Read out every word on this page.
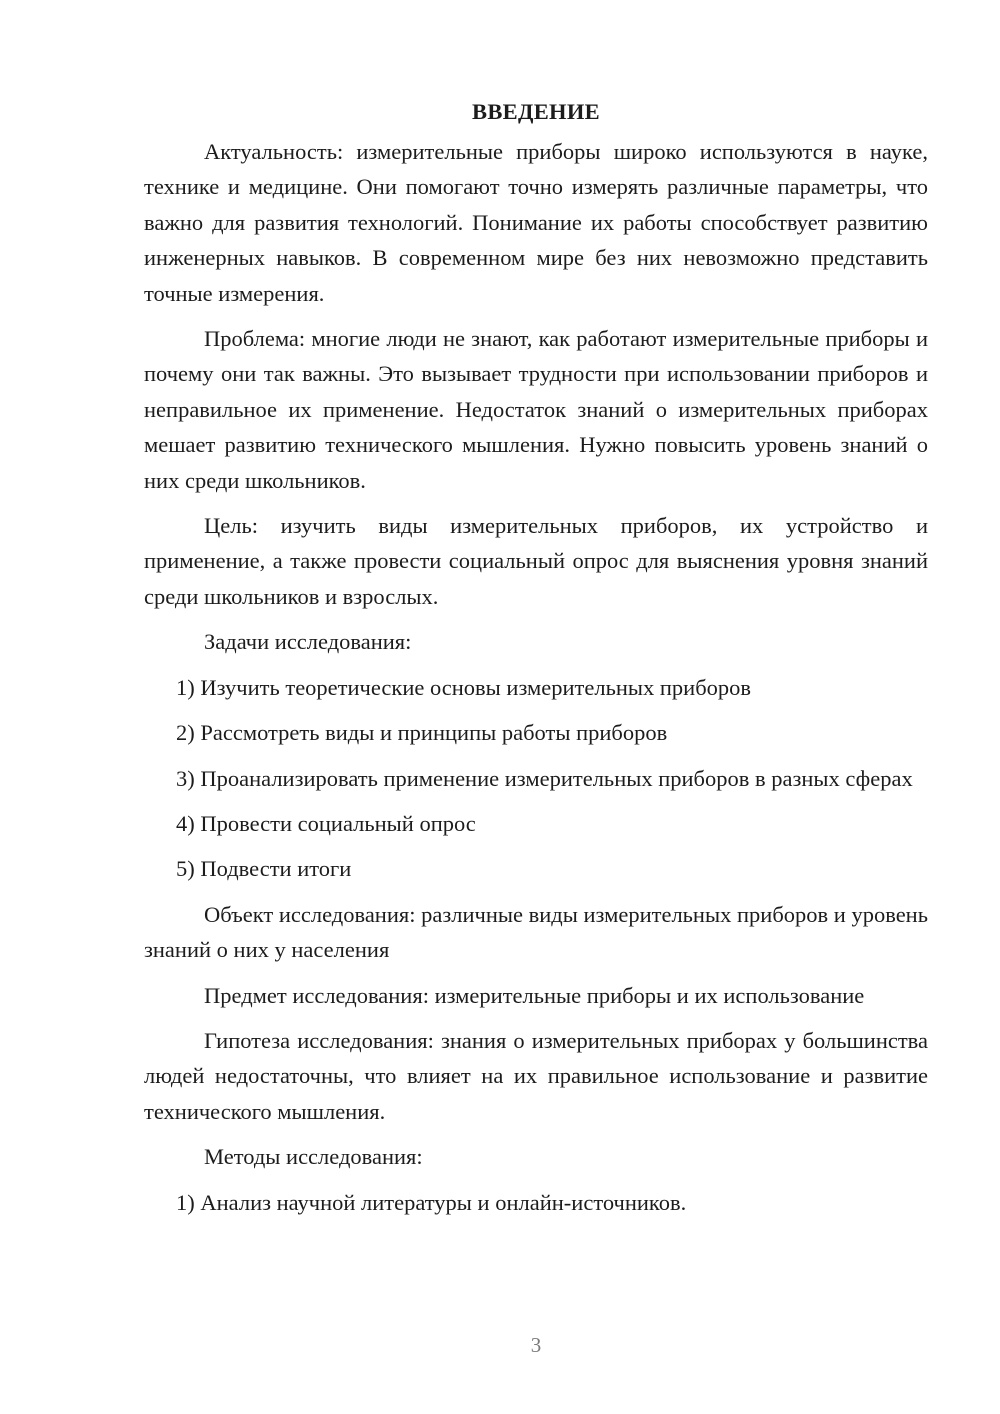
ВВЕДЕНИЕ

Актуальность: измерительные приборы широко используются в науке, технике и медицине. Они помогают точно измерять различные параметры, что важно для развития технологий. Понимание их работы способствует развитию инженерных навыков. В современном мире без них невозможно представить точные измерения.

Проблема: многие люди не знают, как работают измерительные приборы и почему они так важны. Это вызывает трудности при использовании приборов и неправильное их применение. Недостаток знаний о измерительных приборах мешает развитию технического мышления. Нужно повысить уровень знаний о них среди школьников.

Цель: изучить виды измерительных приборов, их устройство и применение, а также провести социальный опрос для выяснения уровня знаний среди школьников и взрослых.

Задачи исследования:

1) Изучить теоретические основы измерительных приборов

2) Рассмотреть виды и принципы работы приборов

3) Проанализировать применение измерительных приборов в разных сферах

4) Провести социальный опрос

5) Подвести итоги

Объект исследования: различные виды измерительных приборов и уровень знаний о них у населения

Предмет исследования: измерительные приборы и их использование

Гипотеза исследования: знания о измерительных приборах у большинства людей недостаточны, что влияет на их правильное использование и развитие технического мышления.

Методы исследования:

1) Анализ научной литературы и онлайн-источников.

3
